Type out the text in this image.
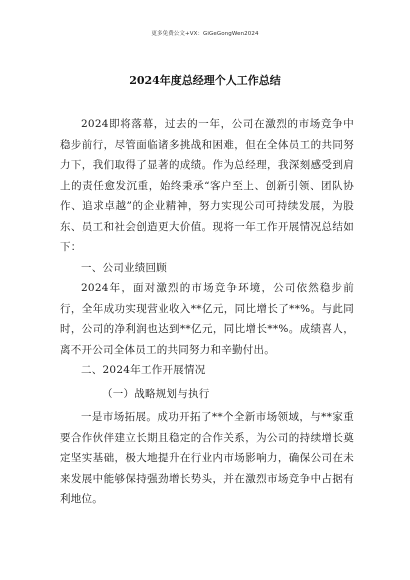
更多免费公文+VX：GiGeGongWen2024
2024年度总经理个人工作总结

2024即将落幕，过去的一年，公司在激烈的市场竞争中稳步前行，尽管面临诸多挑战和困难，但在全体员工的共同努力下，我们取得了显著的成绩。作为总经理，我深刻感受到肩上的责任愈发沉重，始终秉承“客户至上、创新引领、团队协作、追求卓越”的企业精神，努力实现公司可持续发展，为股东、员工和社会创造更大价值。现将一年工作开展情况总结如下：

一、公司业绩回顾

2024年，面对激烈的市场竞争环境，公司依然稳步前行，全年成功实现营业收入**亿元，同比增长了**%。与此同时，公司的净利润也达到**亿元，同比增长**%。成绩喜人，离不开公司全体员工的共同努力和辛勤付出。

二、2024年工作开展情况

（一）战略规划与执行

一是市场拓展。成功开拓了**个全新市场领域，与**家重要合作伙伴建立长期且稳定的合作关系，为公司的持续增长奠定坚实基础，极大地提升在行业内市场影响力，确保公司在未来发展中能够保持强劲增长势头，并在激烈市场竞争中占据有利地位。
